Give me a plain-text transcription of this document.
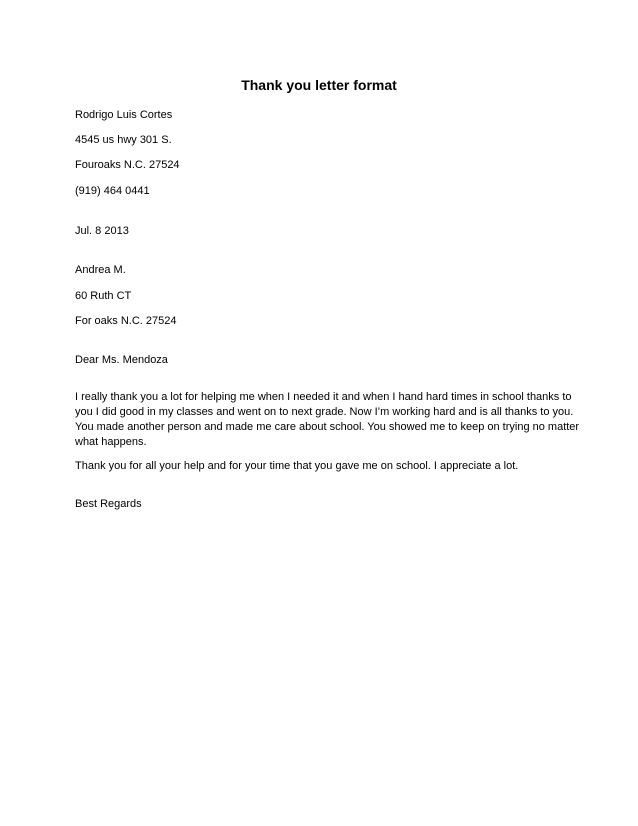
Thank you letter format

Rodrigo Luis Cortes

4545 us hwy 301 S.

Fouroaks N.C. 27524

(919) 464 0441

Jul. 8 2013

Andrea M.

60 Ruth CT

For oaks N.C. 27524

Dear Ms. Mendoza

I really thank you a lot for helping me when I needed it and when I hand hard times in school thanks to
you I did good in my classes and went on to next grade. Now I’m working hard and is all thanks to you.
You made another person and made me care about school. You showed me to keep on trying no matter
what happens.

Thank you for all your help and for your time that you gave me on school. I appreciate a lot.

Best Regards
